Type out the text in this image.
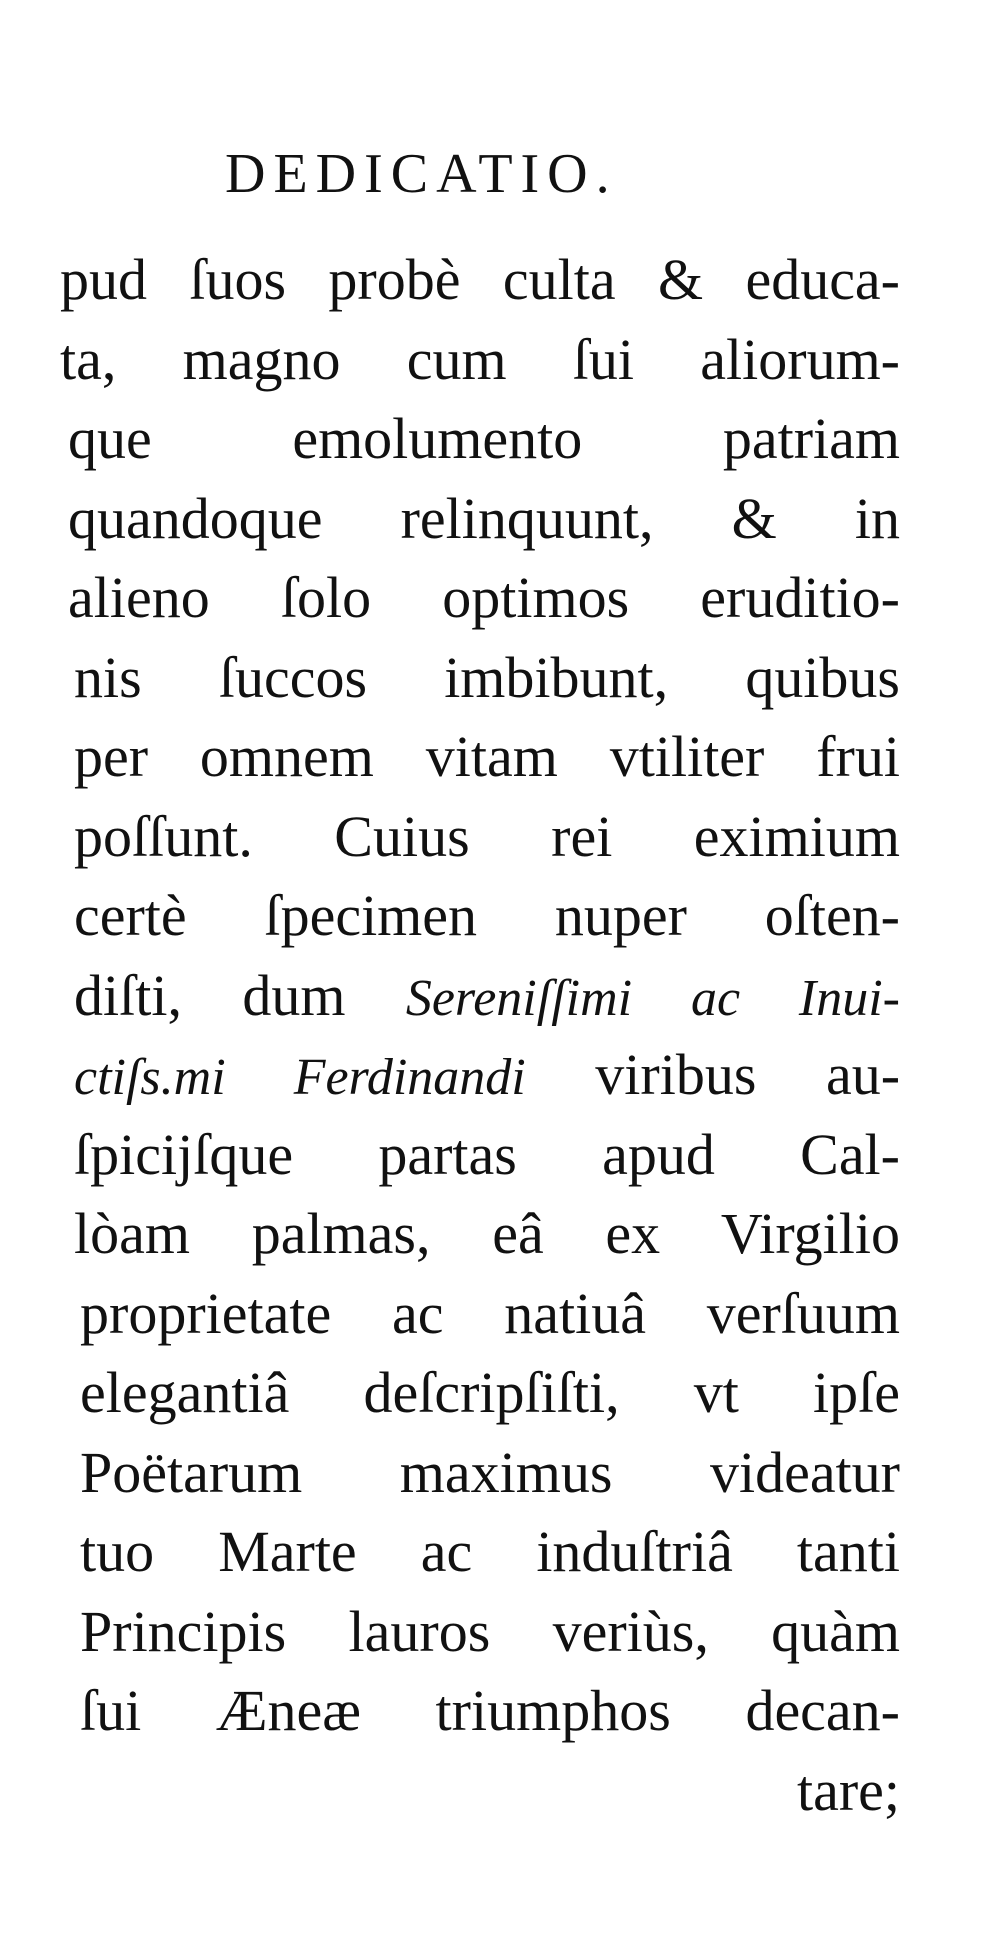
DEDICATIO.
pud ſuos probè culta & educa-
ta, magno cum ſui aliorum-
que emolumento patriam
quandoque relinquunt, & in
alieno ſolo optimos eruditio-
nis ſuccos imbibunt, quibus
per omnem vitam vtiliter frui
poſſunt. Cuius rei eximium
certè ſpecimen nuper oſten-
diſti, dum Sereniſſimi ac Inui-
ctiſs.mi Ferdinandi viribus au-
ſpicijſque partas apud Cal-
lòam palmas, eâ ex Virgilio
proprietate ac natiuâ verſuum
elegantiâ deſcripſiſti, vt ipſe
Poëtarum maximus videatur
tuo Marte ac induſtriâ tanti
Principis lauros veriùs, quàm
ſui Æneæ triumphos decan-
tare;
